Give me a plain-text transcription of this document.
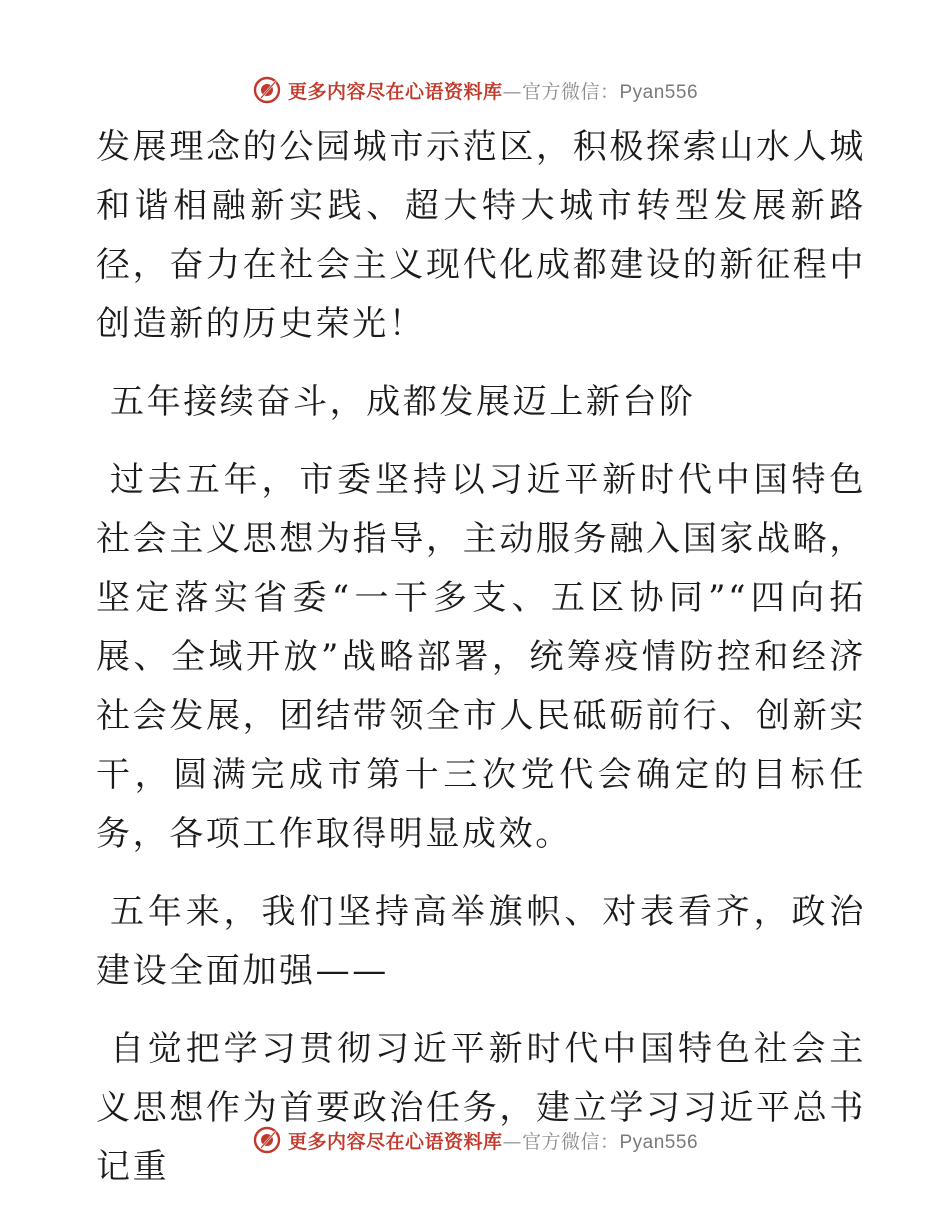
更多内容尽在心语资料库—官方微信：Pyan556

发展理念的公园城市示范区，积极探索山水人城和谐相融新实践、超大特大城市转型发展新路径，奋力在社会主义现代化成都建设的新征程中创造新的历史荣光！

五年接续奋斗，成都发展迈上新台阶

过去五年，市委坚持以习近平新时代中国特色社会主义思想为指导，主动服务融入国家战略，坚定落实省委“一干多支、五区协同”“四向拓展、全域开放”战略部署，统筹疫情防控和经济社会发展，团结带领全市人民砥砺前行、创新实干，圆满完成市第十三次党代会确定的目标任务，各项工作取得明显成效。

五年来，我们坚持高举旗帜、对表看齐，政治建设全面加强——

自觉把学习贯彻习近平新时代中国特色社会主义思想作为首要政治任务，建立学习习近平总书记重

更多内容尽在心语资料库—官方微信：Pyan556
